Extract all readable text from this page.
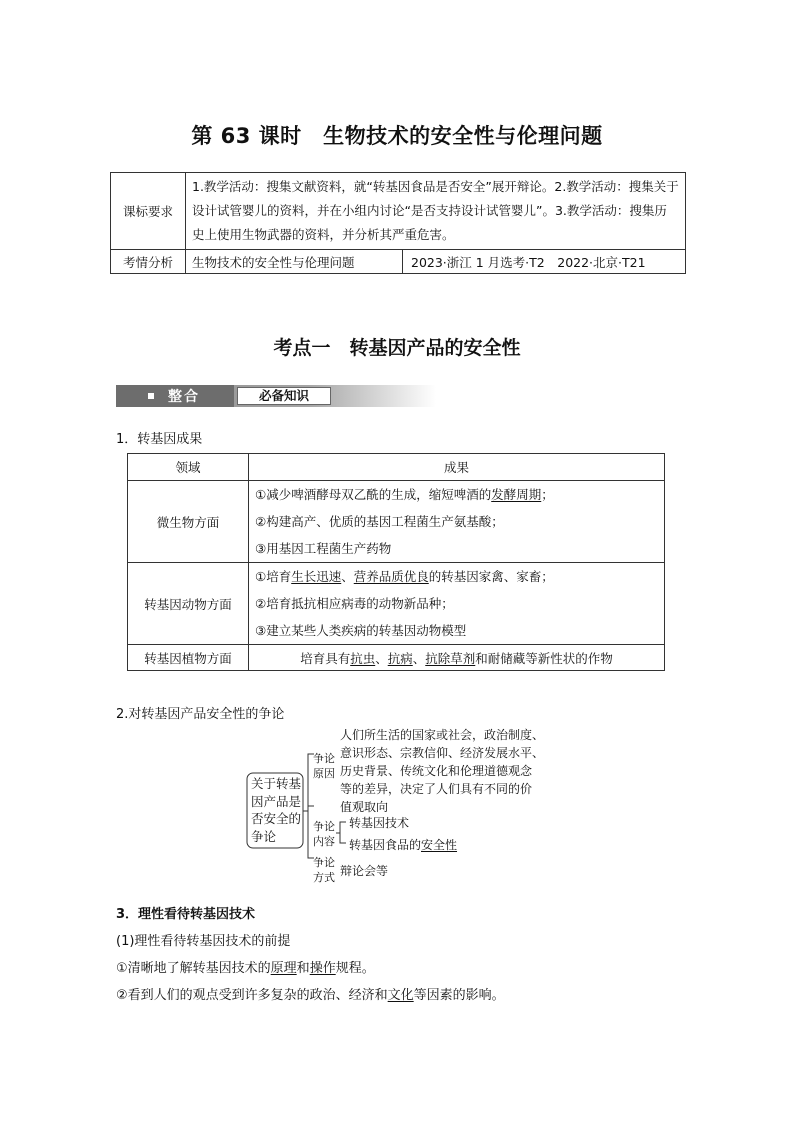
第 63 课时　生物技术的安全性与伦理问题
课标要求	1.教学活动：搜集文献资料，就“转基因食品是否安全”展开辩论。2.教学活动：搜集关于设计试管婴儿的资料，并在小组内讨论“是否支持设计试管婴儿”。3.教学活动：搜集历史上使用生物武器的资料，并分析其严重危害。	
考情分析	生物技术的安全性与伦理问题	2023·浙江 1 月选考·T2　2022·北京·T21
考点一　转基因产品的安全性
整合	必备知识
1．转基因成果
领域	成果
微生物方面	①减少啤酒酵母双乙酰的生成，缩短啤酒的发酵周期；
②构建高产、优质的基因工程菌生产氨基酸；
③用基因工程菌生产药物

转基因动物方面	①培育生长迅速、营养品质优良的转基因家禽、家畜；
②培育抵抗相应病毒的动物新品种；
③建立某些人类疾病的转基因动物模型

转基因植物方面	培育具有抗虫、抗病、抗除草剂和耐储藏等新性状的作物
2.对转基因产品安全性的争论
关于转基
因产品是
否安全的
争论
争论
原因
人们所生活的国家或社会，政治制度、
意识形态、宗教信仰、经济发展水平、
历史背景、传统文化和伦理道德观念
等的差异，决定了人们具有不同的价
值观取向
争论
内容
转基因技术
转基因食品的安全性
争论
方式 辩论会等
3．理性看待转基因技术
(1)理性看待转基因技术的前提
①清晰地了解转基因技术的原理和操作规程。
②看到人们的观点受到许多复杂的政治、经济和文化等因素的影响。
